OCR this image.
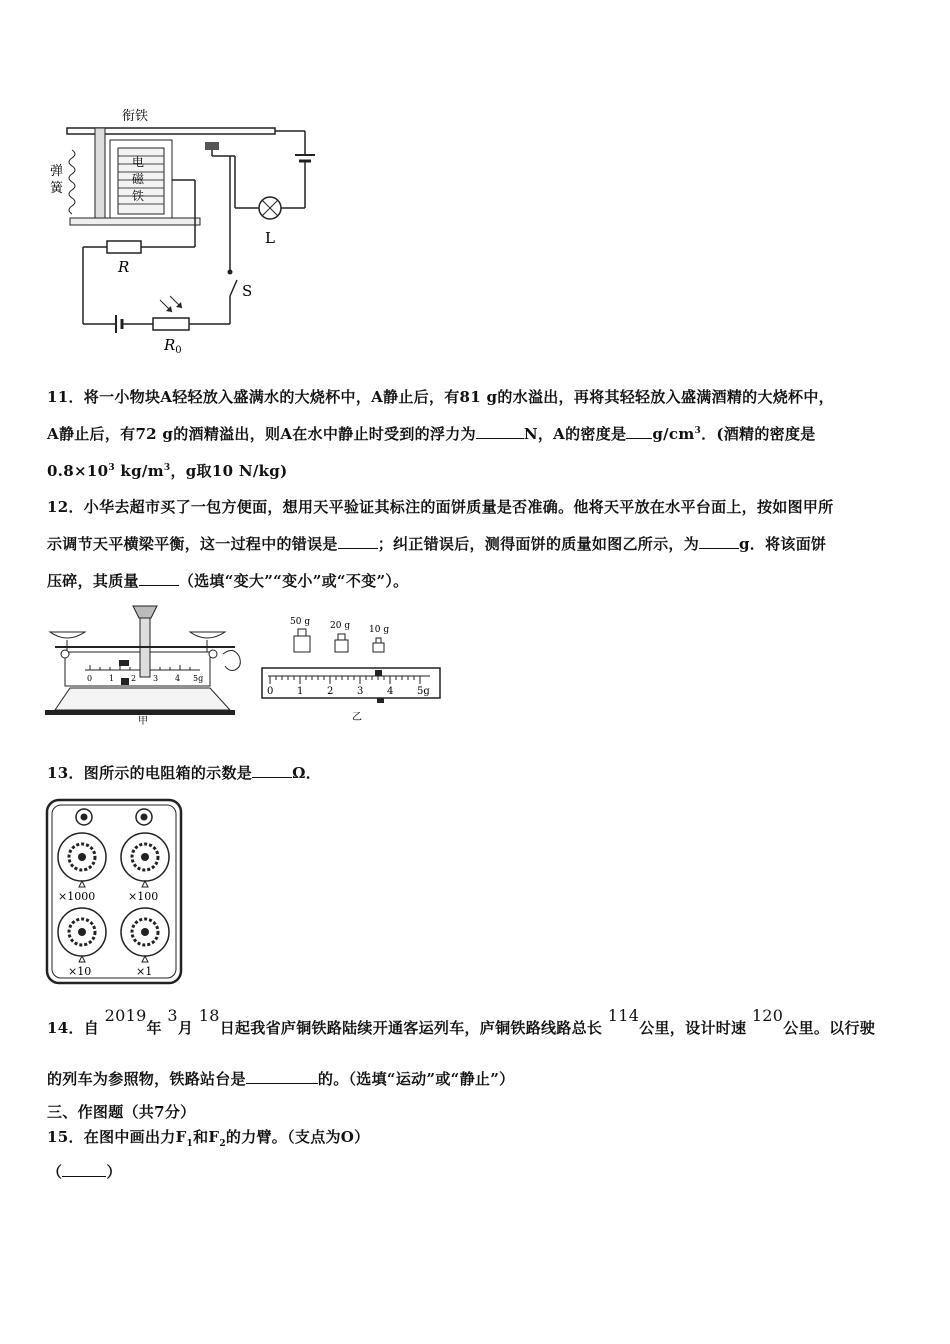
衔铁
弹
簧
电
磁
铁
L
R
$R_0$
S
11．将一小物块A轻轻放入盛满水的大烧杯中，A静止后，有81 g的水溢出，再将其轻轻放入盛满酒精的大烧杯中，
A静止后，有72 g的酒精溢出，则A在水中静止时受到的浮力为	N，A的密度是 $g/cm^3$．(酒精的密度是
$0.8\times 10^3$ $kg/m^3$，g取10 N/kg)
12．小华去超市买了一包方便面，想用天平验证其标注的面饼质量是否准确。他将天平放在水平台面上，按如图甲所
示调节天平横梁平衡，这一过程中的错误是	；纠正错误后，测得面饼的质量如图乙所示，为	g．将该面饼
压碎，其质量	（选填“变大”“变小”或“不变”）。
0 1 2 3 4 5g
甲
50 g 20 g 10 g
0 1 2 3 4 5g
乙
13．图所示的电阻箱的示数是	Ω．
×1000	×100
×10	×1
14．自 2019年 3月 18日起我省庐铜铁路陆续开通客运列车，庐铜铁路线路总长 114公里，设计时速 120公里。以行驶
的列车为参照物，铁路站台是	的。（选填“运动”或“静止”）
三、作图题（共7分）
15．在图中画出力$F_1$和$F_2$的力臂。（支点为O）
（	）
